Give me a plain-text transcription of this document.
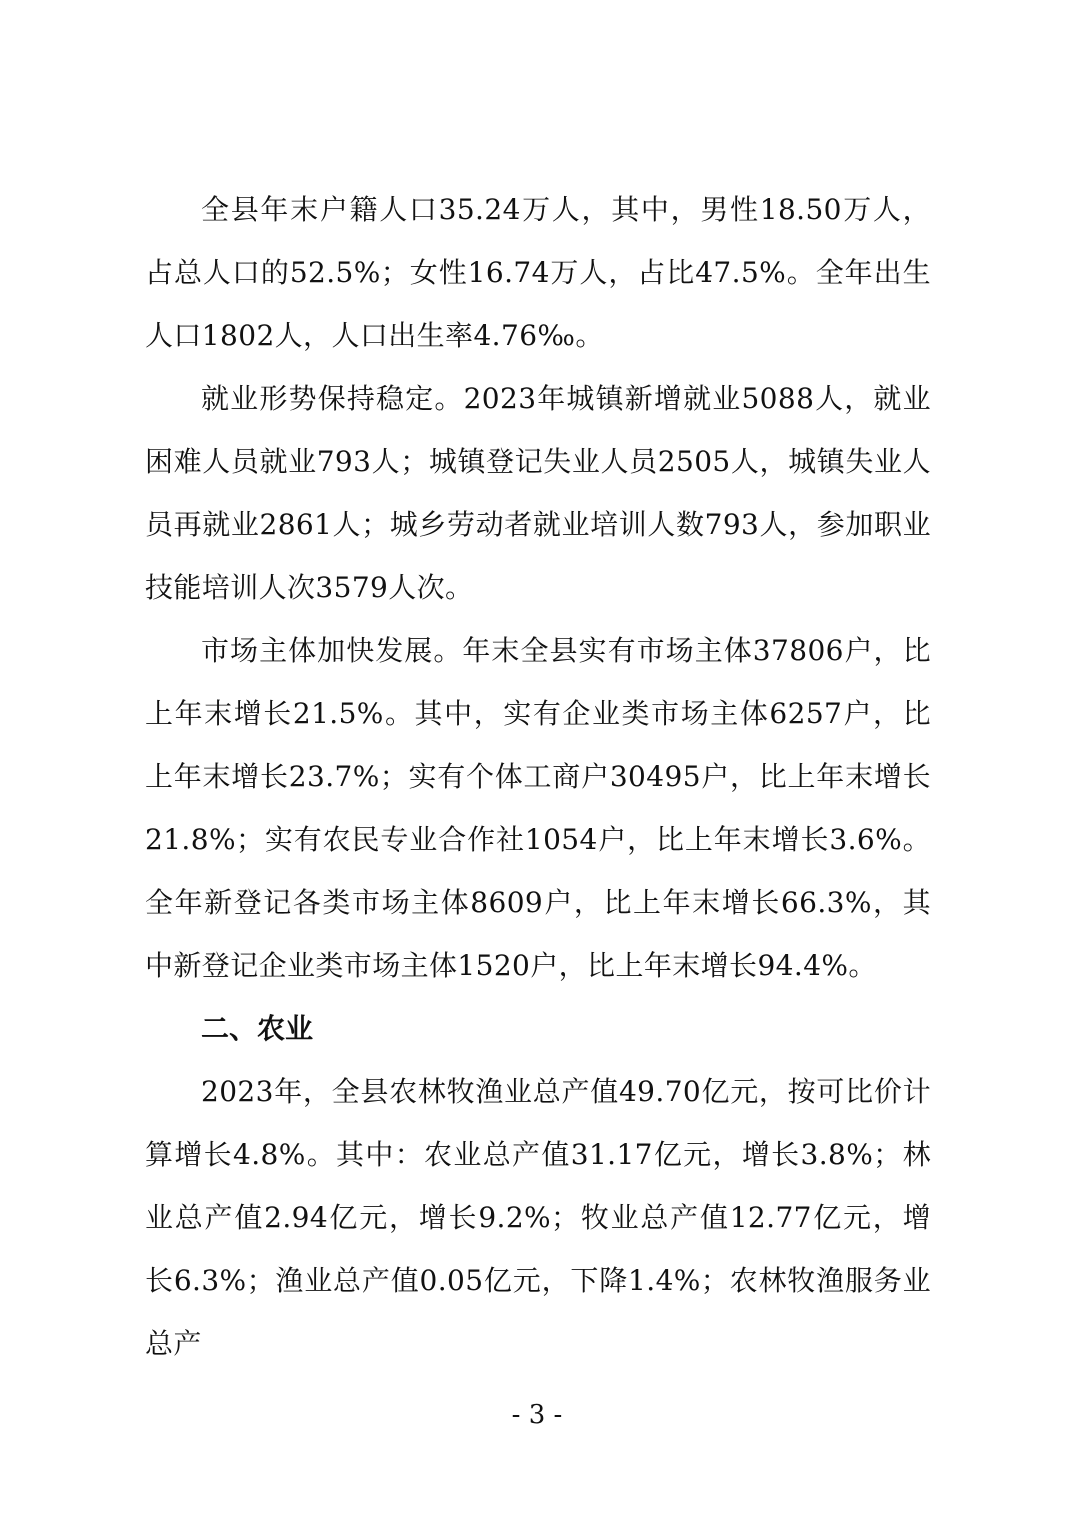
全县年末户籍人口35.24万人，其中，男性18.50万人，占总人口的52.5%；女性16.74万人，占比47.5%。全年出生人口1802人，人口出生率4.76‰。

就业形势保持稳定。2023年城镇新增就业5088人，就业困难人员就业793人；城镇登记失业人员2505人，城镇失业人员再就业2861人；城乡劳动者就业培训人数793人，参加职业技能培训人次3579人次。

市场主体加快发展。年末全县实有市场主体37806户，比上年末增长21.5%。其中，实有企业类市场主体6257户，比上年末增长23.7%；实有个体工商户30495户，比上年末增长21.8%；实有农民专业合作社1054户，比上年末增长3.6%。全年新登记各类市场主体8609户，比上年末增长66.3%，其中新登记企业类市场主体1520户，比上年末增长94.4%。

二、农业

2023年，全县农林牧渔业总产值49.70亿元，按可比价计算增长4.8%。其中：农业总产值31.17亿元，增长3.8%；林业总产值2.94亿元，增长9.2%；牧业总产值12.77亿元，增长6.3%；渔业总产值0.05亿元，下降1.4%；农林牧渔服务业总产

- 3 -
